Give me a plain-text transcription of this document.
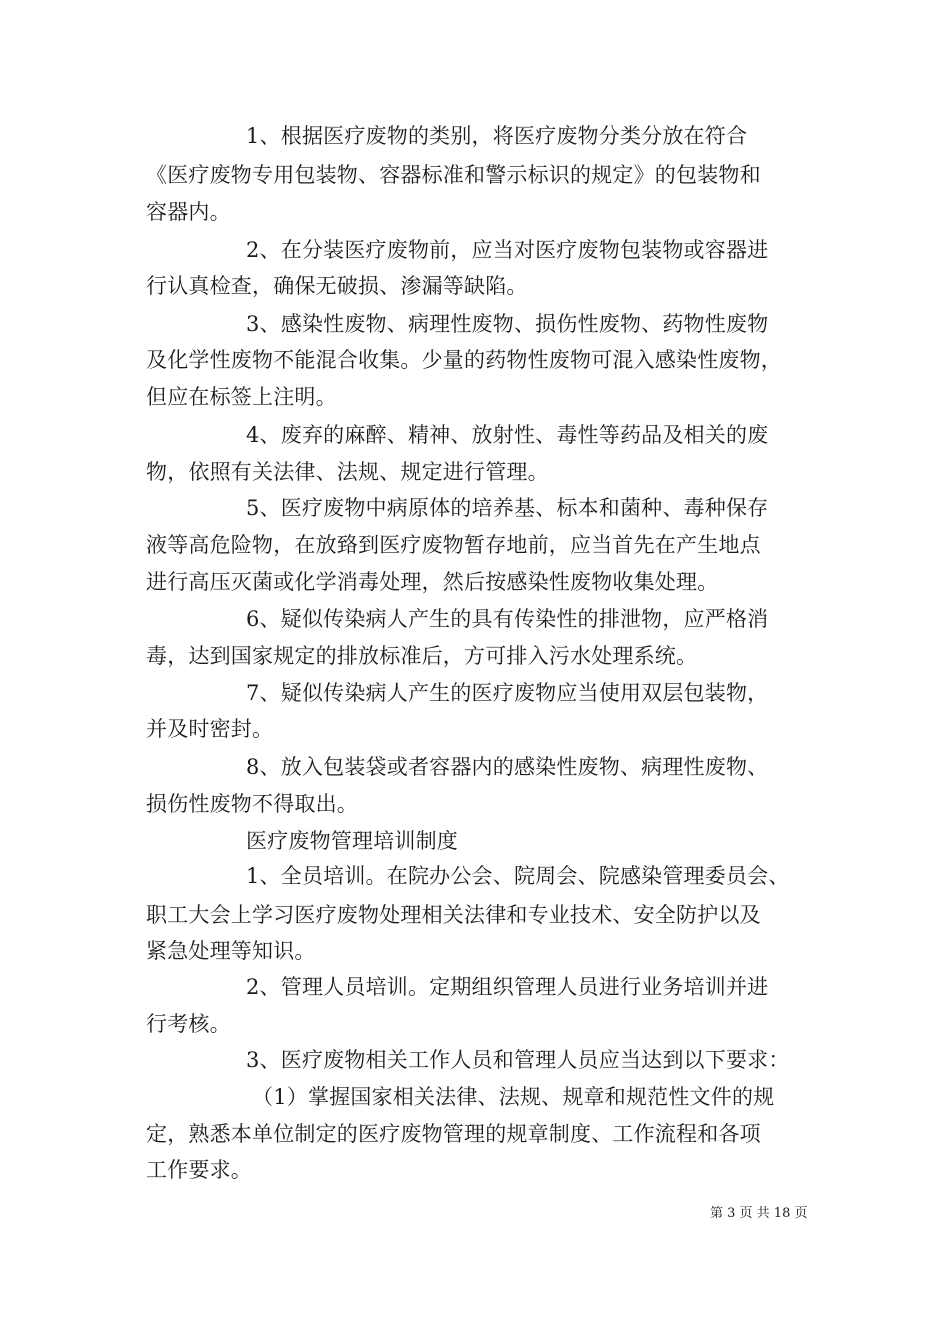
1、根据医疗废物的类别，将医疗废物分类分放在符合
《医疗废物专用包装物、容器标准和警示标识的规定》的包装物和
容器内。
2、在分装医疗废物前，应当对医疗废物包装物或容器进
行认真检查，确保无破损、渗漏等缺陷。
3、感染性废物、病理性废物、损伤性废物、药物性废物
及化学性废物不能混合收集。少量的药物性废物可混入感染性废物，
但应在标签上注明。
4、废弃的麻醉、精神、放射性、毒性等药品及相关的废
物，依照有关法律、法规、规定进行管理。
5、医疗废物中病原体的培养基、标本和菌种、毒种保存
液等高危险物，在放臵到医疗废物暂存地前，应当首先在产生地点
进行高压灭菌或化学消毒处理，然后按感染性废物收集处理。
6、疑似传染病人产生的具有传染性的排泄物，应严格消
毒，达到国家规定的排放标准后，方可排入污水处理系统。
7、疑似传染病人产生的医疗废物应当使用双层包装物，
并及时密封。
8、放入包装袋或者容器内的感染性废物、病理性废物、
损伤性废物不得取出。
医疗废物管理培训制度
1、全员培训。在院办公会、院周会、院感染管理委员会、
职工大会上学习医疗废物处理相关法律和专业技术、安全防护以及
紧急处理等知识。
2、管理人员培训。定期组织管理人员进行业务培训并进
行考核。
3、医疗废物相关工作人员和管理人员应当达到以下要求：
（1）掌握国家相关法律、法规、规章和规范性文件的规
定，熟悉本单位制定的医疗废物管理的规章制度、工作流程和各项
工作要求。
第 3 页 共 18 页
